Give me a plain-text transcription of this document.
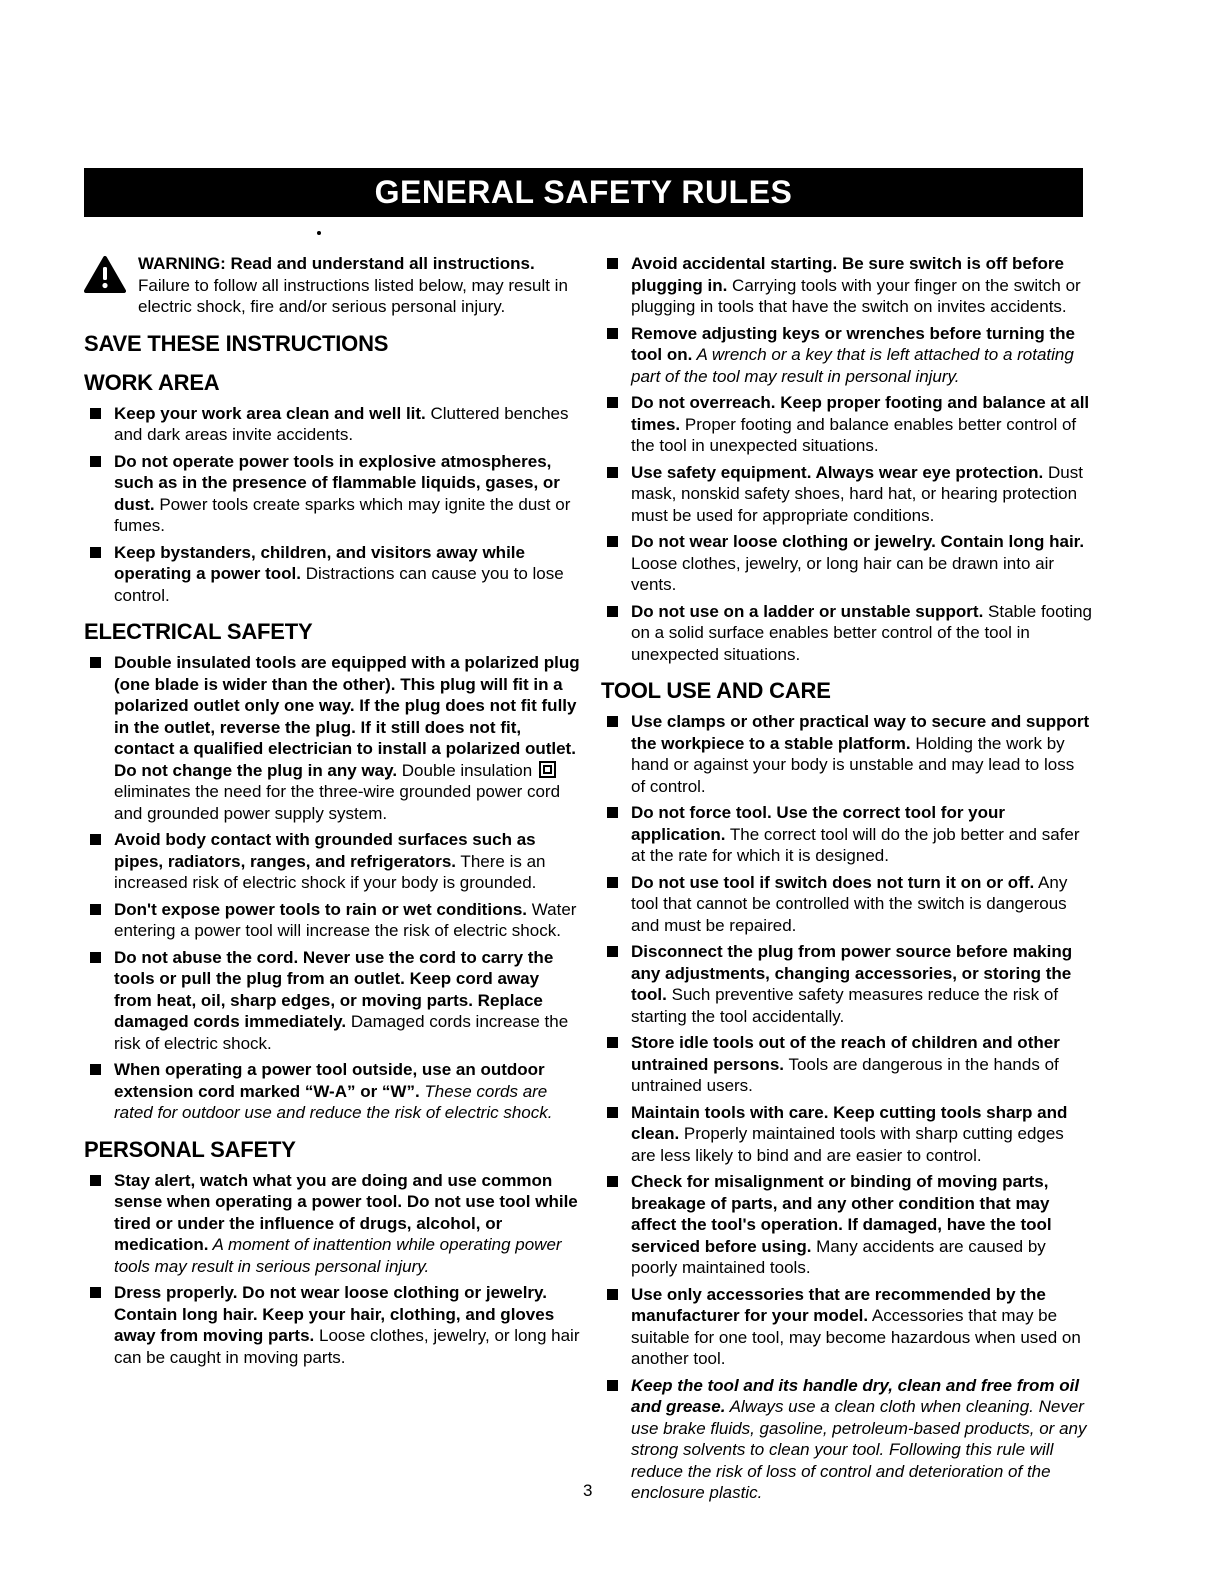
GENERAL SAFETY RULES
WARNING: Read and understand all instructions. Failure to follow all instructions listed below, may result in electric shock, fire and/or serious personal injury.
SAVE THESE INSTRUCTIONS
WORK AREA
Keep your work area clean and well lit. Cluttered benches and dark areas invite accidents.
Do not operate power tools in explosive atmospheres, such as in the presence of flammable liquids, gases, or dust. Power tools create sparks which may ignite the dust or fumes.
Keep bystanders, children, and visitors away while operating a power tool. Distractions can cause you to lose control.
ELECTRICAL SAFETY
Double insulated tools are equipped with a polarized plug (one blade is wider than the other). This plug will fit in a polarized outlet only one way. If the plug does not fit fully in the outlet, reverse the plug. If it still does not fit, contact a qualified electrician to install a polarized outlet. Do not change the plug in any way. Double insulation  eliminates the need for the three-wire grounded power cord and grounded power supply system.
Avoid body contact with grounded surfaces such as pipes, radiators, ranges, and refrigerators. There is an increased risk of electric shock if your body is grounded.
Don't expose power tools to rain or wet conditions. Water entering a power tool will increase the risk of electric shock.
Do not abuse the cord. Never use the cord to carry the tools or pull the plug from an outlet. Keep cord away from heat, oil, sharp edges, or moving parts. Replace damaged cords immediately. Damaged cords increase the risk of electric shock.
When operating a power tool outside, use an outdoor extension cord marked “W-A” or “W”. These cords are rated for outdoor use and reduce the risk of electric shock.
PERSONAL SAFETY
Stay alert, watch what you are doing and use common sense when operating a power tool. Do not use tool while tired or under the influence of drugs, alcohol, or medication. A moment of inattention while operating power tools may result in serious personal injury.
Dress properly. Do not wear loose clothing or jewelry. Contain long hair. Keep your hair, clothing, and gloves away from moving parts. Loose clothes, jewelry, or long hair can be caught in moving parts.
Avoid accidental starting. Be sure switch is off before plugging in. Carrying tools with your finger on the switch or plugging in tools that have the switch on invites accidents.
Remove adjusting keys or wrenches before turning the tool on. A wrench or a key that is left attached to a rotating part of the tool may result in personal injury.
Do not overreach. Keep proper footing and balance at all times. Proper footing and balance enables better control of the tool in unexpected situations.
Use safety equipment. Always wear eye protection. Dust mask, nonskid safety shoes, hard hat, or hearing protection must be used for appropriate conditions.
Do not wear loose clothing or jewelry. Contain long hair. Loose clothes, jewelry, or long hair can be drawn into air vents.
Do not use on a ladder or unstable support. Stable footing on a solid surface enables better control of the tool in unexpected situations.
TOOL USE AND CARE
Use clamps or other practical way to secure and support the workpiece to a stable platform. Holding the work by hand or against your body is unstable and may lead to loss of control.
Do not force tool. Use the correct tool for your application. The correct tool will do the job better and safer at the rate for which it is designed.
Do not use tool if switch does not turn it on or off. Any tool that cannot be controlled with the switch is dangerous and must be repaired.
Disconnect the plug from power source before making any adjustments, changing accessories, or storing the tool. Such preventive safety measures reduce the risk of starting the tool accidentally.
Store idle tools out of the reach of children and other untrained persons. Tools are dangerous in the hands of untrained users.
Maintain tools with care. Keep cutting tools sharp and clean. Properly maintained tools with sharp cutting edges are less likely to bind and are easier to control.
Check for misalignment or binding of moving parts, breakage of parts, and any other condition that may affect the tool's operation. If damaged, have the tool serviced before using. Many accidents are caused by poorly maintained tools.
Use only accessories that are recommended by the manufacturer for your model. Accessories that may be suitable for one tool, may become hazardous when used on another tool.
Keep the tool and its handle dry, clean and free from oil and grease. Always use a clean cloth when cleaning. Never use brake fluids, gasoline, petroleum-based products, or any strong solvents to clean your tool. Following this rule will reduce the risk of loss of control and deterioration of the enclosure plastic.
3
